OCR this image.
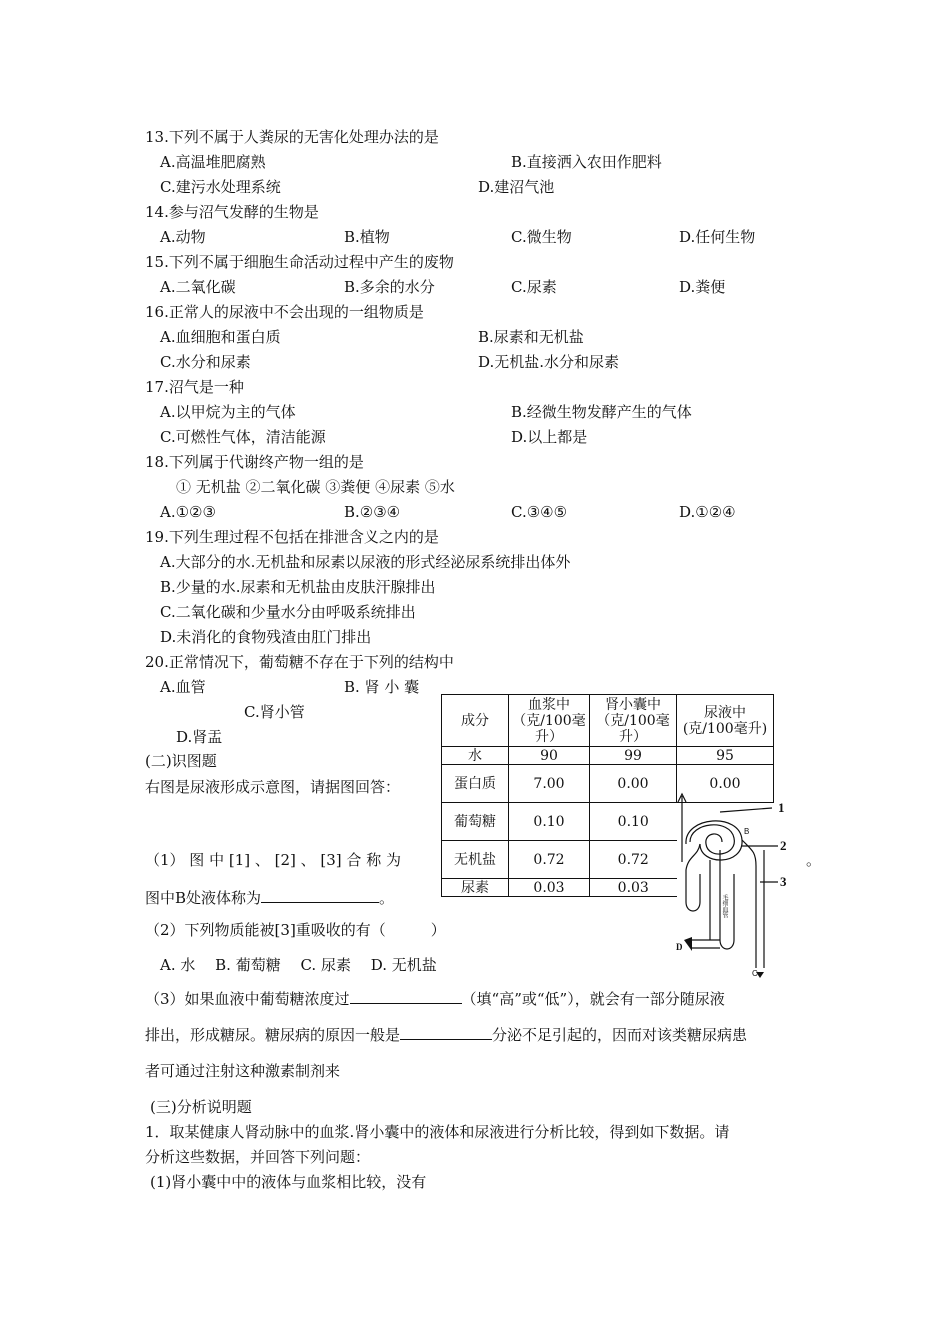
13.下列不属于人粪尿的无害化处理办法的是
A.高温堆肥腐熟	B.直接洒入农田作肥料
C.建污水处理系统	D.建沼气池
14.参与沼气发酵的生物是
A.动物	B.植物	C.微生物	D.任何生物
15.下列不属于细胞生命活动过程中产生的废物
A.二氧化碳	B.多余的水分	C.尿素	D.粪便
16.正常人的尿液中不会出现的一组物质是
A.血细胞和蛋白质	B.尿素和无机盐
C.水分和尿素	D.无机盐.水分和尿素
17.沼气是一种
A.以甲烷为主的气体	B.经微生物发酵产生的气体
C.可燃性气体，清洁能源	D.以上都是
18.下列属于代谢终产物一组的是
① 无机盐 ②二氧化碳 ③粪便 ④尿素 ⑤水
A.①②③	B.②③④	C.③④⑤	D.①②④
19.下列生理过程不包括在排泄含义之内的是
A.大部分的水.无机盐和尿素以尿液的形式经泌尿系统排出体外
B.少量的水.尿素和无机盐由皮肤汗腺排出
C.二氧化碳和少量水分由呼吸系统排出
D.未消化的食物残渣由肛门排出
20.正常情况下，葡萄糖不存在于下列的结构中
A.血管	B. 肾 小 囊
C.肾小管
D.肾盂
(二)识图题
右图是尿液形成示意图，请据图回答：
（1） 图 中 [1] 、 [2] 、 [3] 合 称 为	。
图中B处液体称为	。
（2）下列物质能被[3]重吸收的有（　　　）
A. 水　 B. 葡萄糖　 C. 尿素　 D. 无机盐
（3）如果血液中葡萄糖浓度过	（填“高”或“低”），就会有一部分随尿液
排出，形成糖尿。糖尿病的原因一般是	分泌不足引起的，因而对该类糖尿病患
者可通过注射这种激素制剂来
(三)分析说明题
1．取某健康人肾动脉中的血浆.肾小囊中的液体和尿液进行分析比较，得到如下数据。请
分析这些数据，并回答下列问题：
(1)肾小囊中中的液体与血浆相比较，没有
成分	血浆中（克/100毫升）	肾小囊中（克/100毫升）	尿液中(克/100毫升)
水	90	99	95
蛋白质	7.00	0.00	0.00
葡萄糖	0.10	0.10	
无机盐	0.72	0.72	
尿素	0.03	0.03	
1
2
3
D
B
C
毛细血管
